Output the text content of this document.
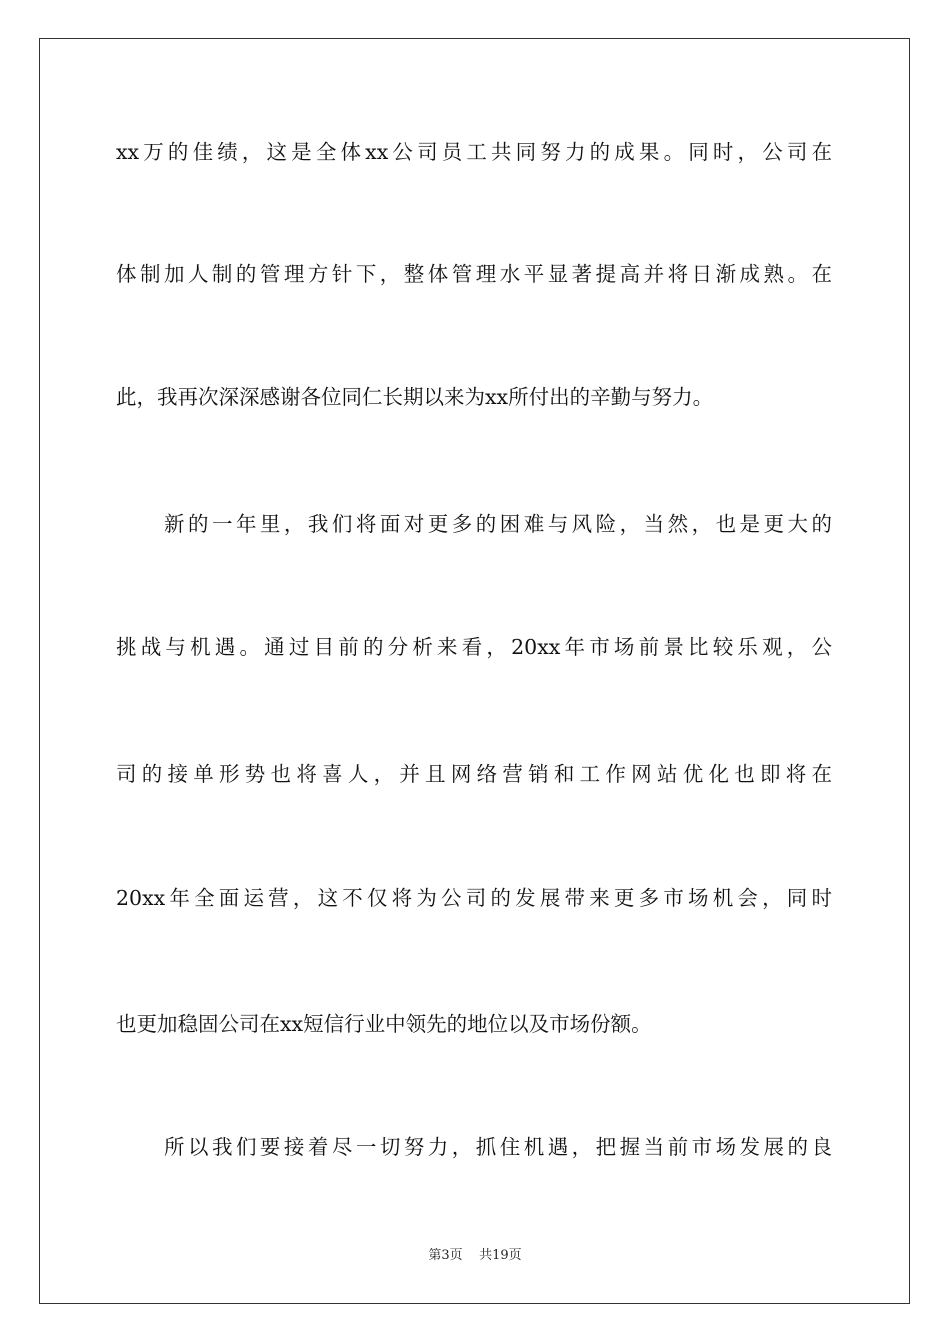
xx万的佳绩，这是全体xx公司员工共同努力的成果。同时，公司在
体制加人制的管理方针下，整体管理水平显著提高并将日渐成熟。在
此，我再次深深感谢各位同仁长期以来为xx所付出的辛勤与努力。
新的一年里，我们将面对更多的困难与风险，当然，也是更大的
挑战与机遇。通过目前的分析来看，20xx年市场前景比较乐观，公
司的接单形势也将喜人，并且网络营销和工作网站优化也即将在
20xx年全面运营，这不仅将为公司的发展带来更多市场机会，同时
也更加稳固公司在xx短信行业中领先的地位以及市场份额。
所以我们要接着尽一切努力，抓住机遇，把握当前市场发展的良
第3页 共19页
